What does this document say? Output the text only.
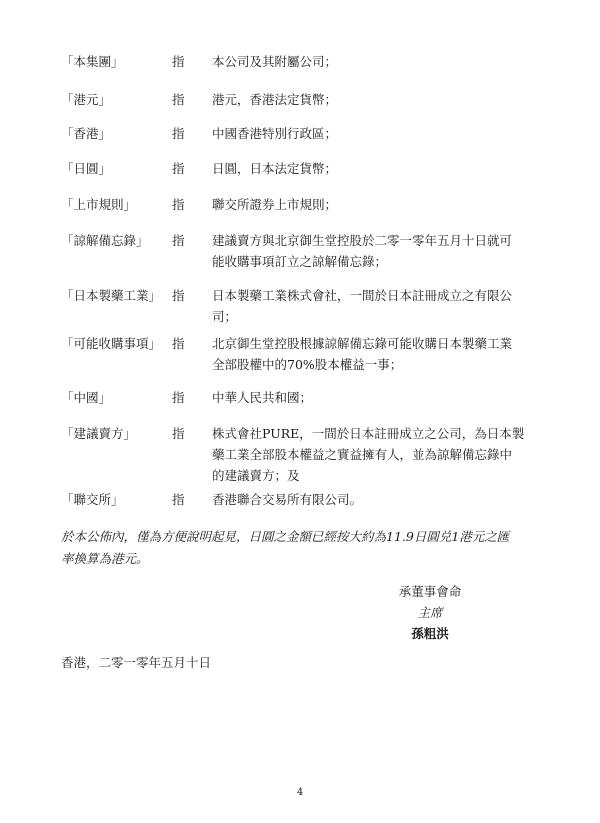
「本集團」	指 本公司及其附屬公司；
「港元」	指 港元，香港法定貨幣；
「香港」	指 中國香港特別行政區；
「日圓」	指 日圓，日本法定貨幣；
「上市規則」	指 聯交所證券上市規則；
「諒解備忘錄」 指 建議賣方與北京御生堂控股於二零一零年五月十日就可
能收購事項訂立之諒解備忘錄；
「日本製藥工業」 指 日本製藥工業株式會社，一間於日本註冊成立之有限公
司；
「可能收購事項」 指 北京御生堂控股根據諒解備忘錄可能收購日本製藥工業
全部股權中的70%股本權益一事；
「中國」	指 中華人民共和國；
「建議賣方」	指 株式會社PURE，一間於日本註冊成立之公司，為日本製
藥工業全部股本權益之實益擁有人，並為諒解備忘錄中
的建議賣方；及
「聯交所」	指 香港聯合交易所有限公司。
於本公佈內，僅為方便說明起見，日圓之金額已經按大約為11.9日圓兑1港元之匯
率換算為港元。
承董事會命
主席
孫粗洪
香港，二零一零年五月十日
4
